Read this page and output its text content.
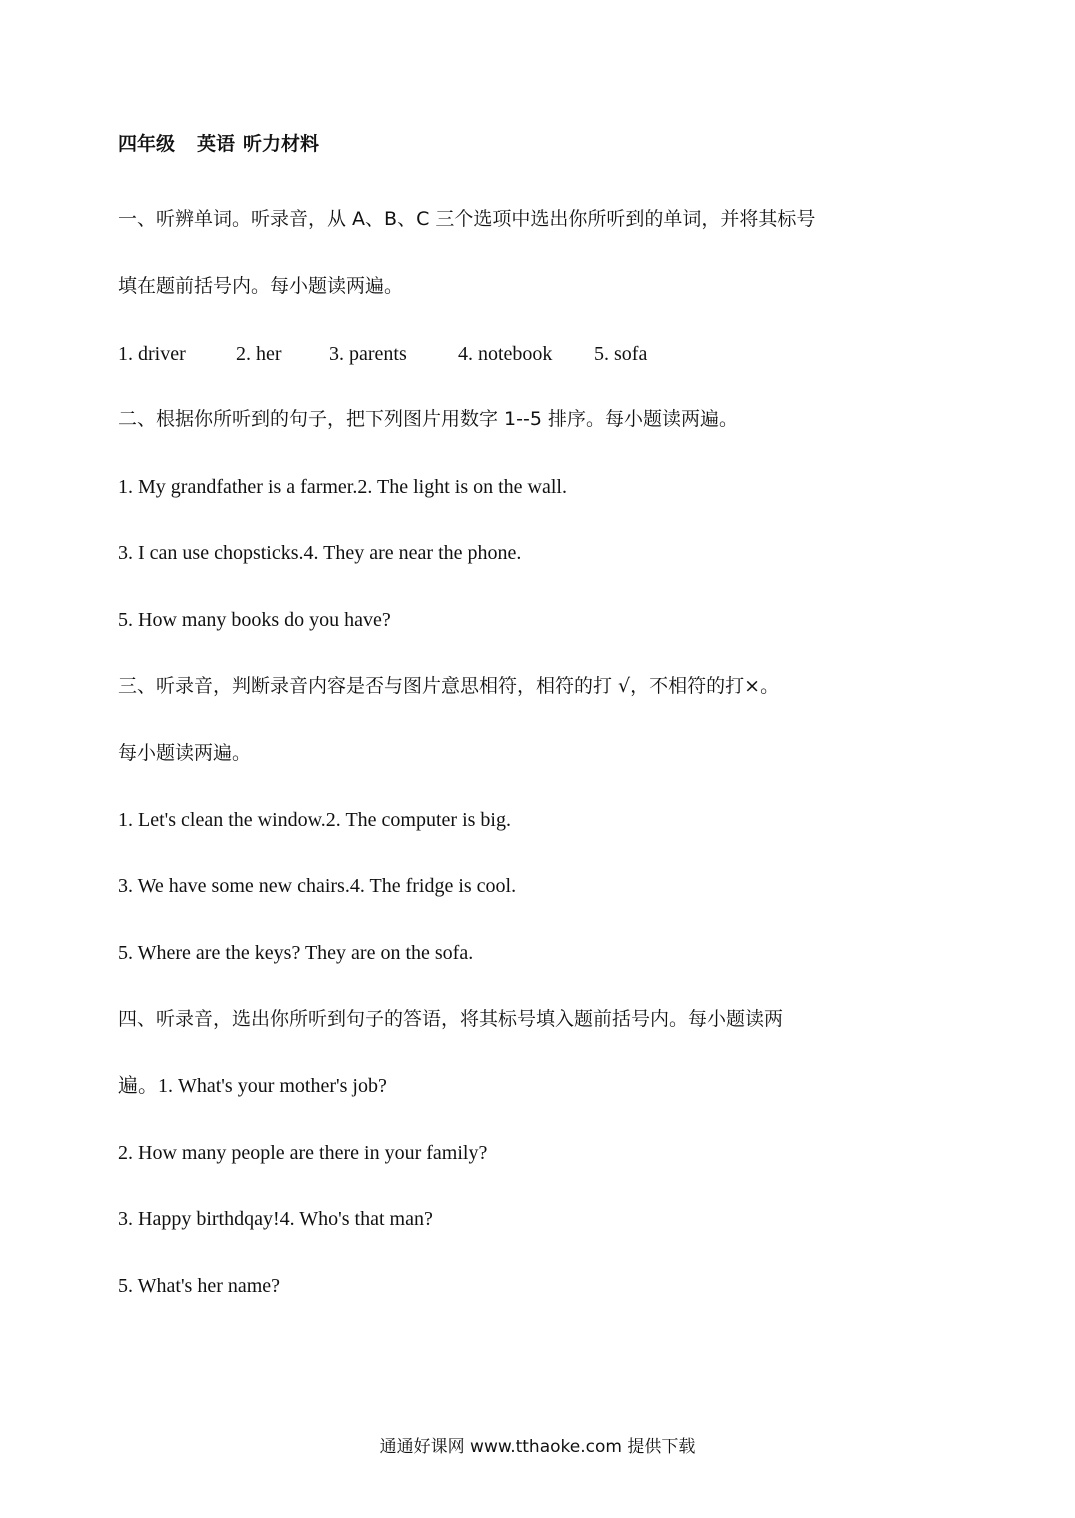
四年级 英语 听力材料
一、听辨单词。听录音，从 A、B、C 三个选项中选出你所听到的单词，并将其标号
填在题前括号内。每小题读两遍。
1. driver	2. her 3. parents	4. notebook 5. sofa
二、根据你所听到的句子，把下列图片用数字 1--5 排序。每小题读两遍。
1. My grandfather is a farmer.2. The light is on the wall.
3. I can use chopsticks.4. They are near the phone.
5. How many books do you have?
三、听录音，判断录音内容是否与图片意思相符，相符的打 √，不相符的打×。
每小题读两遍。
1. Let's clean the window.2. The computer is big.
3. We have some new chairs.4. The fridge is cool.
5. Where are the keys? They are on the sofa.
四、听录音，选出你所听到句子的答语，将其标号填入题前括号内。每小题读两
遍。1. What's your mother's job?
2. How many people are there in your family?
3. Happy birthdqay!4. Who's that man?
5. What's her name?
通通好课网 www.tthaoke.com 提供下载
